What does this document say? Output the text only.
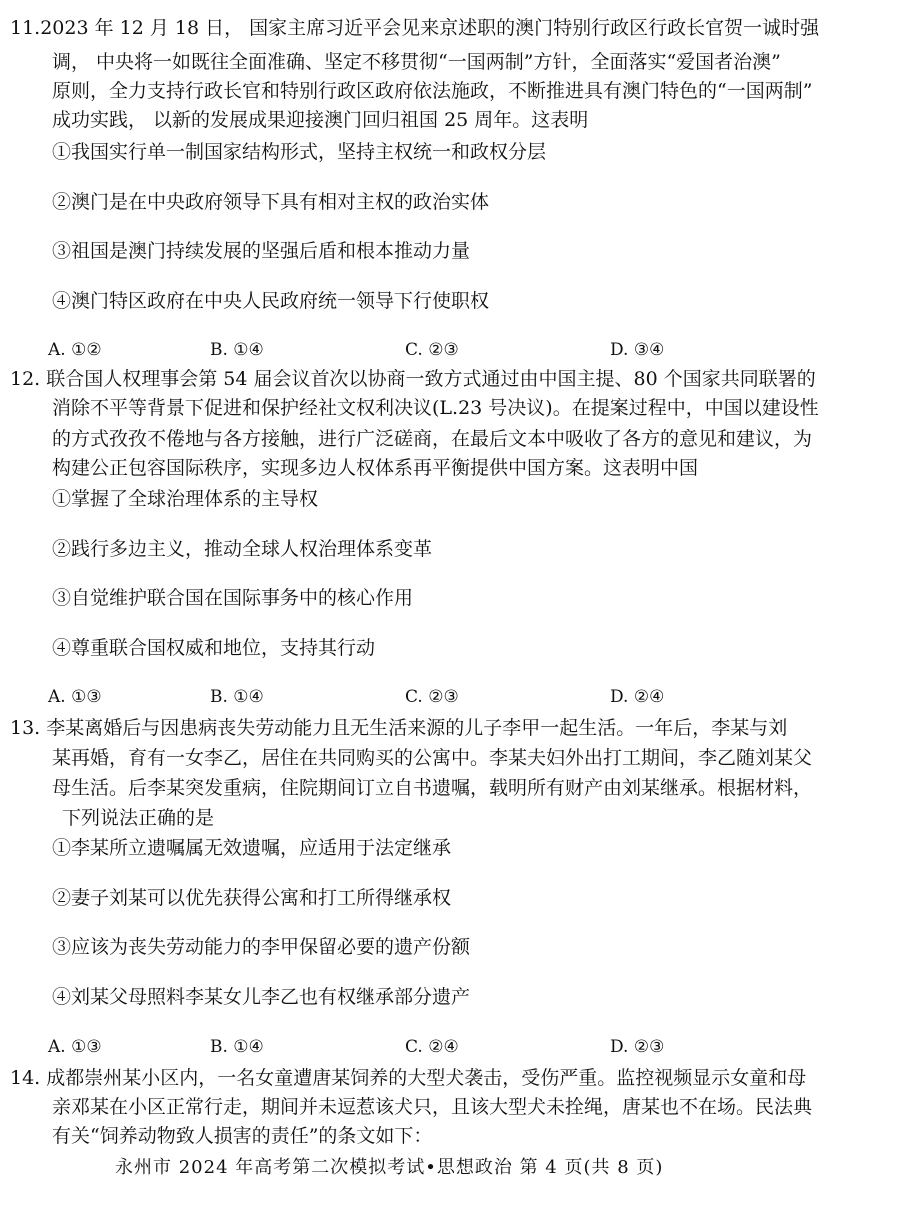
11.2023 年 12 月 18 日， 国家主席习近平会见来京述职的澳门特别行政区行政长官贺一诚时强
调， 中央将一如既往全面准确、坚定不移贯彻“一国两制”方针，全面落实“爱国者治澳”
原则，全力支持行政长官和特别行政区政府依法施政，不断推进具有澳门特色的“一国两制”
成功实践， 以新的发展成果迎接澳门回归祖国 25 周年。这表明
①我国实行单一制国家结构形式，坚持主权统一和政权分层
②澳门是在中央政府领导下具有相对主权的政治实体
③祖国是澳门持续发展的坚强后盾和根本推动力量
④澳门特区政府在中央人民政府统一领导下行使职权
A. ①②	B. ①④	C. ②③	D. ③④
12. 联合国人权理事会第 54 届会议首次以协商一致方式通过由中国主提、80 个国家共同联署的
消除不平等背景下促进和保护经社文权利决议(L.23 号决议)。在提案过程中，中国以建设性
的方式孜孜不倦地与各方接触，进行广泛磋商，在最后文本中吸收了各方的意见和建议，为
构建公正包容国际秩序，实现多边人权体系再平衡提供中国方案。这表明中国
①掌握了全球治理体系的主导权
②践行多边主义，推动全球人权治理体系变革
③自觉维护联合国在国际事务中的核心作用
④尊重联合国权威和地位，支持其行动
A. ①③	B. ①④	C. ②③	D. ②④
13. 李某离婚后与因患病丧失劳动能力且无生活来源的儿子李甲一起生活。一年后，李某与刘
某再婚，育有一女李乙，居住在共同购买的公寓中。李某夫妇外出打工期间，李乙随刘某父
母生活。后李某突发重病，住院期间订立自书遗嘱，载明所有财产由刘某继承。根据材料，
下列说法正确的是
①李某所立遗嘱属无效遗嘱，应适用于法定继承
②妻子刘某可以优先获得公寓和打工所得继承权
③应该为丧失劳动能力的李甲保留必要的遗产份额
④刘某父母照料李某女儿李乙也有权继承部分遗产
A. ①③	B. ①④	C. ②④	D. ②③
14. 成都崇州某小区内，一名女童遭唐某饲养的大型犬袭击，受伤严重。监控视频显示女童和母
亲邓某在小区正常行走，期间并未逗惹该犬只，且该大型犬未拴绳，唐某也不在场。民法典
有关“饲养动物致人损害的责任”的条文如下：
永州市 2024 年高考第二次模拟考试•思想政治 第 4 页(共 8 页)
